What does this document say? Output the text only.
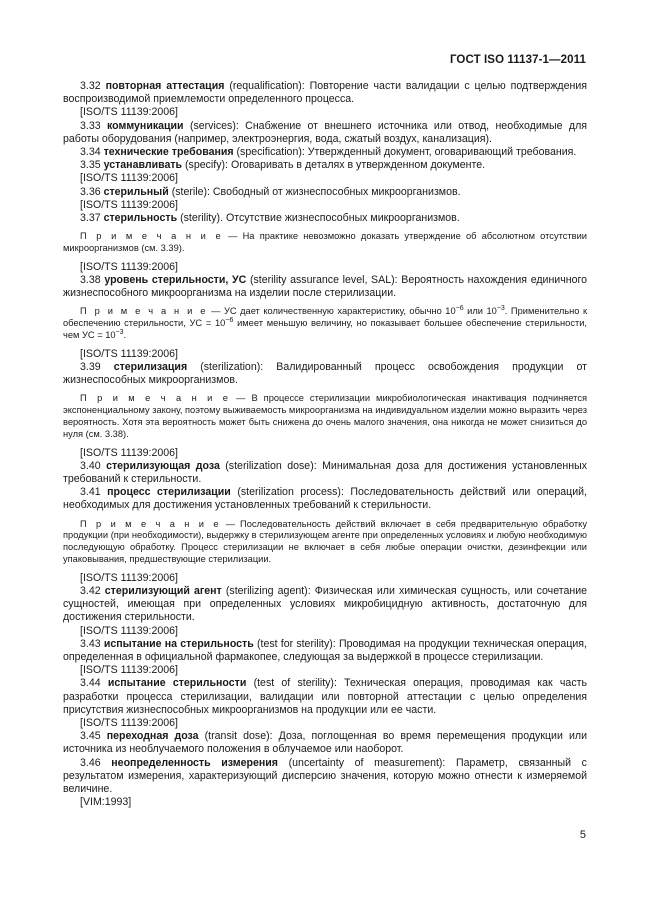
ГОСТ ISO 11137-1—2011

3.32 повторная аттестация (requalification): Повторение части валидации с целью подтверждения воспроизводимой приемлемости определенного процесса.

[ISO/TS 11139:2006]

3.33 коммуникации (services): Снабжение от внешнего источника или отвод, необходимые для работы оборудования (например, электроэнергия, вода, сжатый воздух, канализация).

3.34 технические требования (specification): Утвержденный документ, оговаривающий требования.

3.35 устанавливать (specify): Оговаривать в деталях в утвержденном документе.

[ISO/TS 11139:2006]

3.36 стерильный (sterile): Свободный от жизнеспособных микроорганизмов.

[ISO/TS 11139:2006]

3.37 стерильность (sterility). Отсутствие жизнеспособных микроорганизмов.

П р и м е ч а н и е — На практике невозможно доказать утверждение об абсолютном отсутствии микроорганизмов (см. 3.39).

[ISO/TS 11139:2006]

3.38 уровень стерильности, УС (sterility assurance level, SAL): Вероятность нахождения единичного жизнеспособного микроорганизма на изделии после стерилизации.

П р и м е ч а н и е — УС дает количественную характеристику, обычно $10^{-6}$ или $10^{-3}$. Применительно к обеспечению стерильности, УС = $10^{-6}$ имеет меньшую величину, но показывает большее обеспечение стерильности, чем УС = $10^{-3}$.

[ISO/TS 11139:2006]

3.39 стерилизация (sterilization): Валидированный процесс освобождения продукции от жизнеспособных микроорганизмов.

П р и м е ч а н и е — В процессе стерилизации микробиологическая инактивация подчиняется экспоненциальному закону, поэтому выживаемость микроорганизма на индивидуальном изделии можно выразить через вероятность. Хотя эта вероятность может быть снижена до очень малого значения, она никогда не может снизиться до нуля (см. 3.38).

[ISO/TS 11139:2006]

3.40 стерилизующая доза (sterilization dose): Минимальная доза для достижения установленных требований к стерильности.

3.41 процесс стерилизации (sterilization process): Последовательность действий или операций, необходимых для достижения установленных требований к стерильности.

П р и м е ч а н и е — Последовательность действий включает в себя предварительную обработку продукции (при необходимости), выдержку в стерилизующем агенте при определенных условиях и любую необходимую последующую обработку. Процесс стерилизации не включает в себя любые операции очистки, дезинфекции или упаковывания, предшествующие стерилизации.

[ISO/TS 11139:2006]

3.42 стерилизующий агент (sterilizing agent): Физическая или химическая сущность, или сочетание сущностей, имеющая при определенных условиях микробицидную активность, достаточную для достижения стерильности.

[ISO/TS 11139:2006]

3.43 испытание на стерильность (test for sterility): Проводимая на продукции техническая операция, определенная в официальной фармакопее, следующая за выдержкой в процессе стерилизации.

[ISO/TS 11139:2006]

3.44 испытание стерильности (test of sterility): Техническая операция, проводимая как часть разработки процесса стерилизации, валидации или повторной аттестации с целью определения присутствия жизнеспособных микроорганизмов на продукции или ее части.

[ISO/TS 11139:2006]

3.45 переходная доза (transit dose): Доза, поглощенная во время перемещения продукции или источника из необлучаемого положения в облучаемое или наоборот.

3.46 неопределенность измерения (uncertainty of measurement): Параметр, связанный с результатом измерения, характеризующий дисперсию значения, которую можно отнести к измеряемой величине.

[VIM:1993]

5
